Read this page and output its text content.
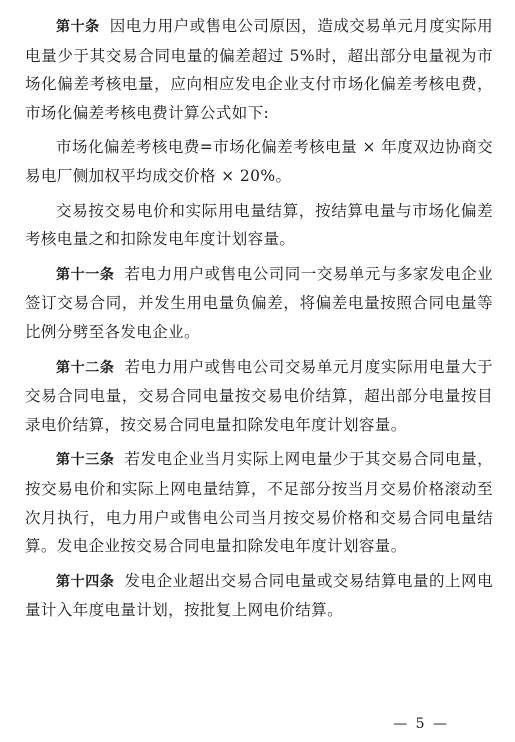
第十条 因电力用户或售电公司原因，造成交易单元月度实际用电量少于其交易合同电量的偏差超过 5%时，超出部分电量视为市场化偏差考核电量，应向相应发电企业支付市场化偏差考核电费，市场化偏差考核电费计算公式如下:

市场化偏差考核电费=市场化偏差考核电量 × 年度双边协商交易电厂侧加权平均成交价格 × 20%。

交易按交易电价和实际用电量结算，按结算电量与市场化偏差考核电量之和扣除发电年度计划容量。

第十一条 若电力用户或售电公司同一交易单元与多家发电企业签订交易合同，并发生用电量负偏差，将偏差电量按照合同电量等比例分劈至各发电企业。

第十二条 若电力用户或售电公司交易单元月度实际用电量大于交易合同电量，交易合同电量按交易电价结算，超出部分电量按目录电价结算，按交易合同电量扣除发电年度计划容量。

第十三条 若发电企业当月实际上网电量少于其交易合同电量，按交易电价和实际上网电量结算，不足部分按当月交易价格滚动至次月执行，电力用户或售电公司当月按交易价格和交易合同电量结算。发电企业按交易合同电量扣除发电年度计划容量。

第十四条 发电企业超出交易合同电量或交易结算电量的上网电量计入年度电量计划，按批复上网电价结算。

— 5 —
